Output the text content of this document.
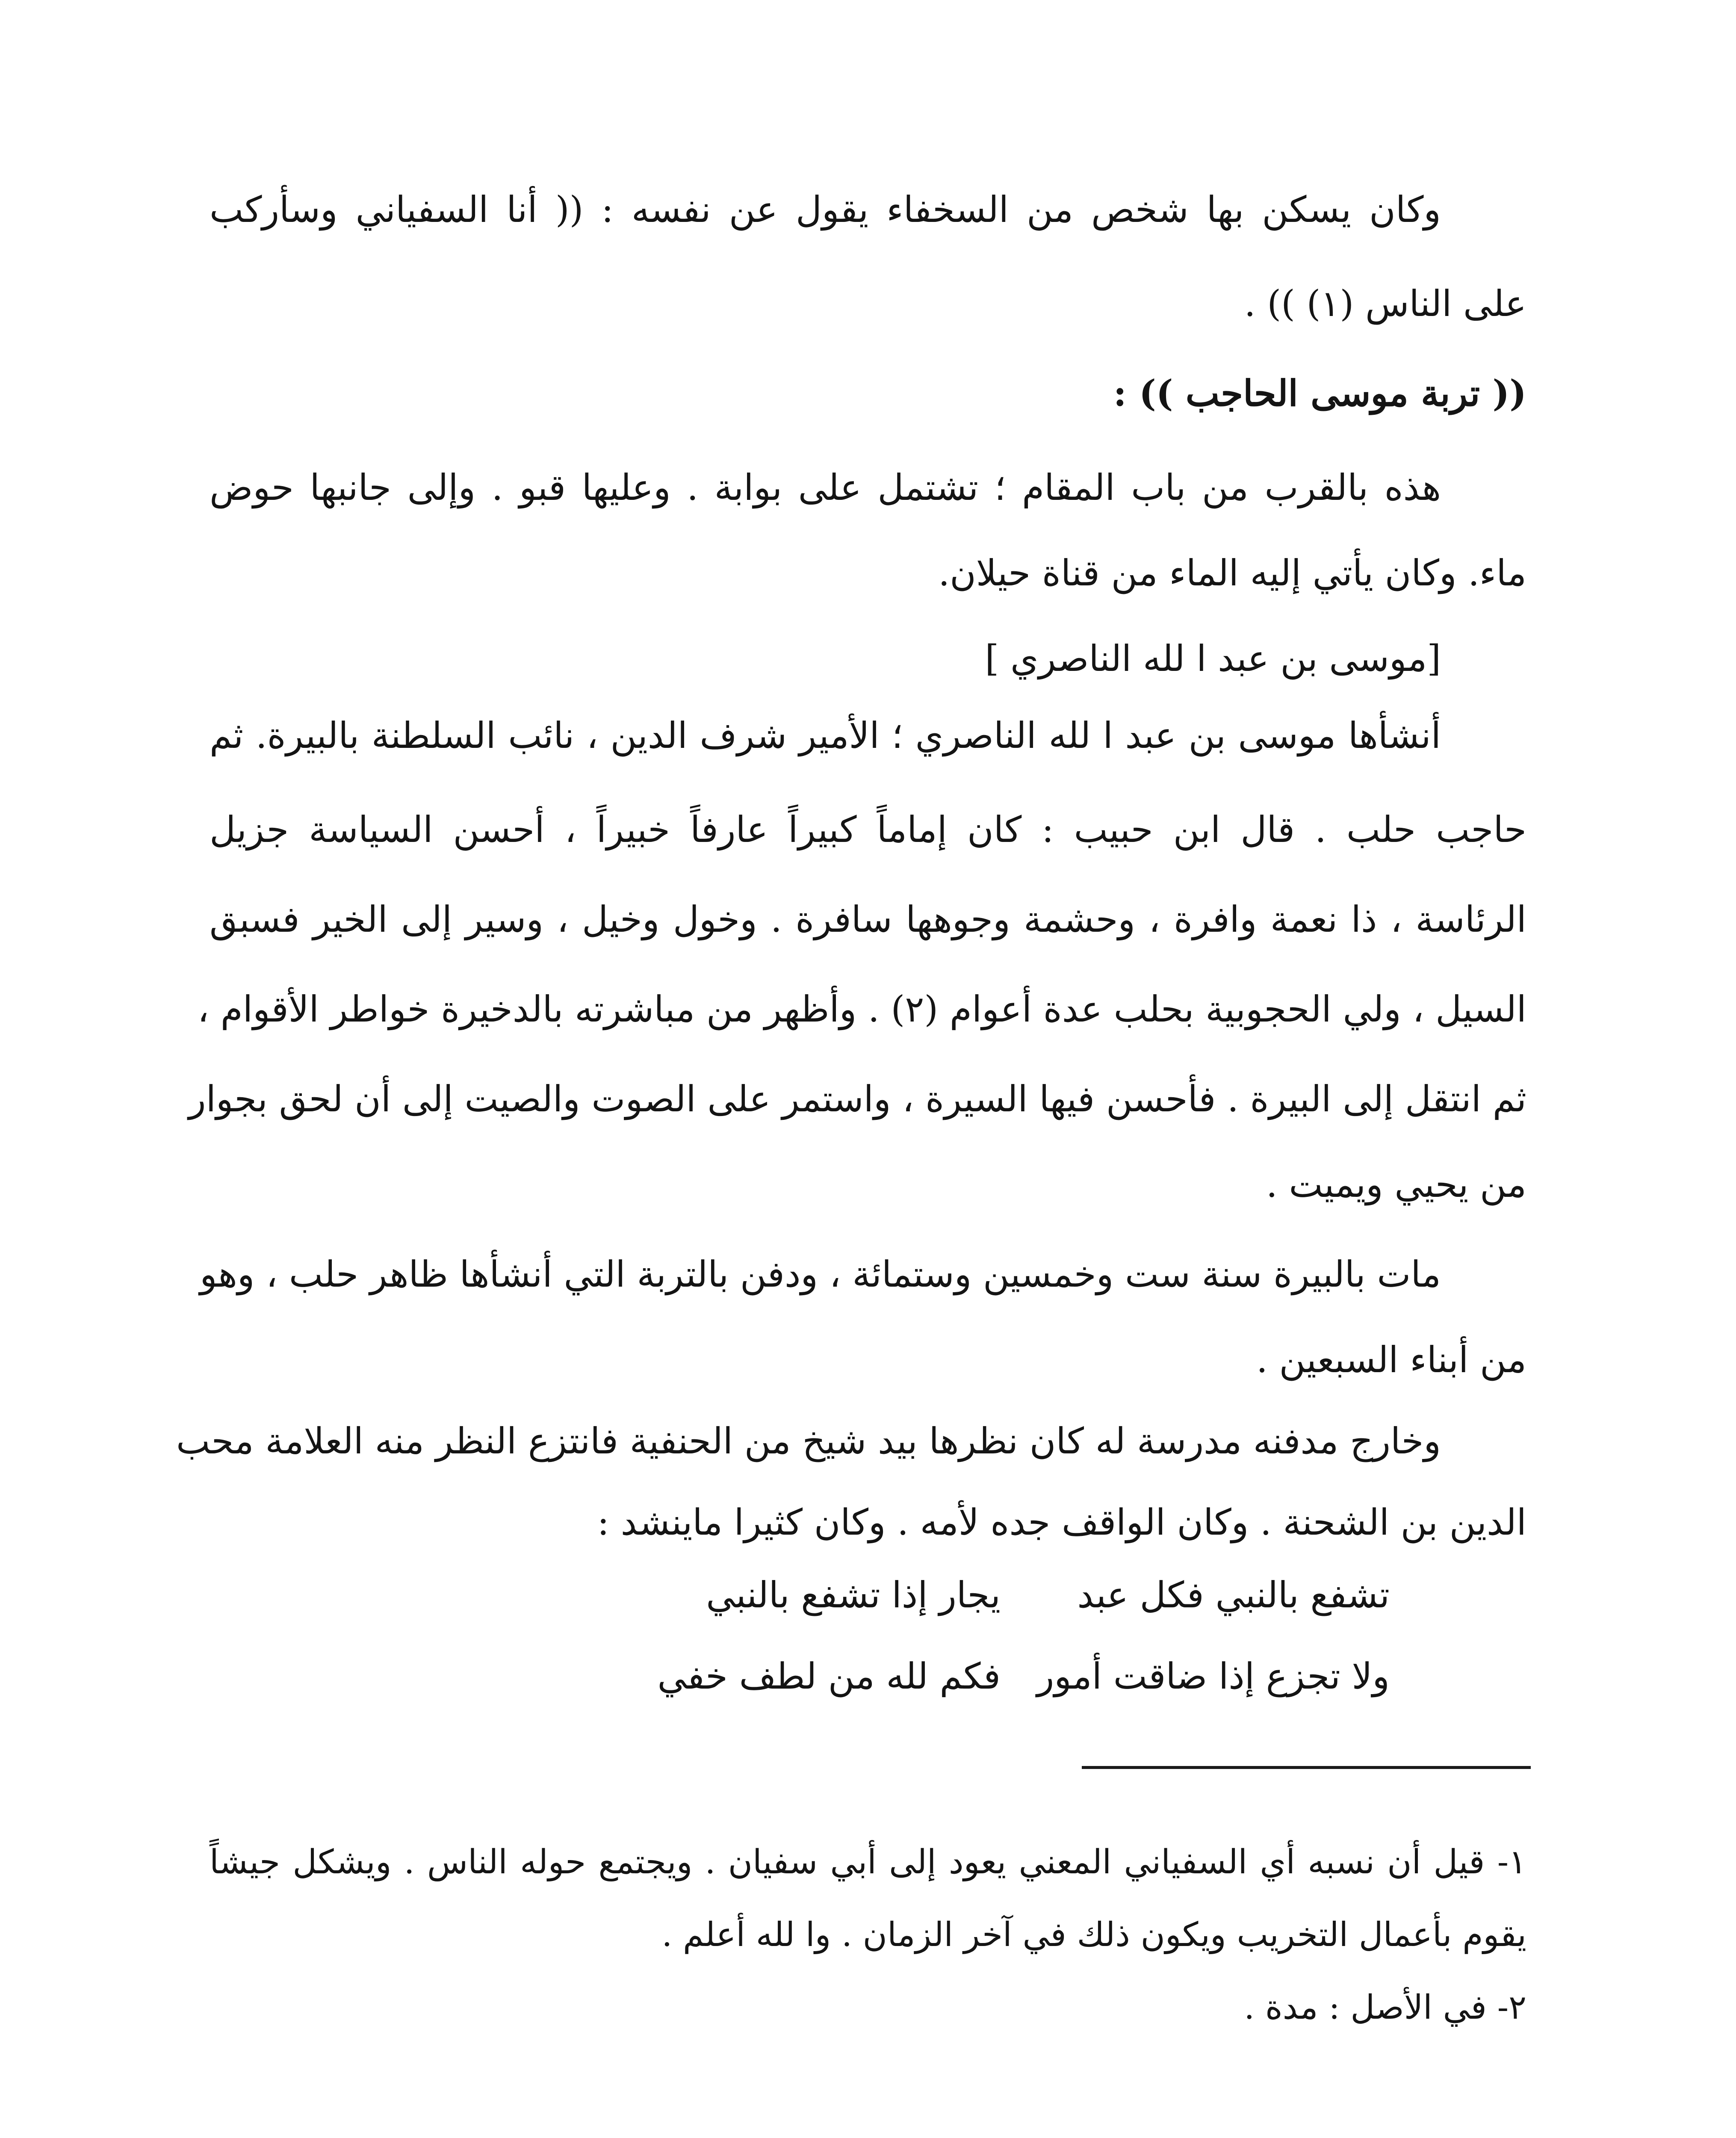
وكان يسكن بها شخص من السخفاء يقول عن نفسه : (( أنا السفياني وسأركب
على الناس (١) )) .
(( تربة موسى الحاجب )) :
هذه بالقرب من باب المقام ؛ تشتمل على بوابة . وعليها قبو . وإلى جانبها حوض
ماء. وكان يأتي إليه الماء من قناة حيلان.
[موسى بن عبد ا لله الناصري ]
أنشأها موسى بن عبد ا لله الناصري ؛ الأمير شرف الدين ، نائب السلطنة بالبيرة. ثم
حاجب حلب . قال ابن حبيب : كان إماماً كبيراً عارفاً خبيراً ، أحسن السياسة جزيل
الرئاسة ، ذا نعمة وافرة ، وحشمة وجوهها سافرة . وخول وخيل ، وسير إلى الخير فسبق
السيل ، ولي الحجوبية بحلب عدة أعوام (٢) . وأظهر من مباشرته بالدخيرة خواطر الأقوام ،
ثم انتقل إلى البيرة . فأحسن فيها السيرة ، واستمر على الصوت والصيت إلى أن لحق بجوار
من يحيي ويميت .
مات بالبيرة سنة ست وخمسين وستمائة ، ودفن بالتربة التي أنشأها ظاهر حلب ، وهو
من أبناء السبعين .
وخارج مدفنه مدرسة له كان نظرها بيد شيخ من الحنفية فانتزع النظر منه العلامة محب
الدين بن الشحنة . وكان الواقف جده لأمه . وكان كثيرا ماينشد :
تشفع بالنبي فكل عبد
يجار إذا تشفع بالنبي
ولا تجزع إذا ضاقت أمور
فكم لله من لطف خفي
١- قيل أن نسبه أي السفياني المعني يعود إلى أبي سفيان . ويجتمع حوله الناس . ويشكل جيشاً
يقوم بأعمال التخريب ويكون ذلك في آخر الزمان . وا لله أعلم .
٢- في الأصل : مدة .
